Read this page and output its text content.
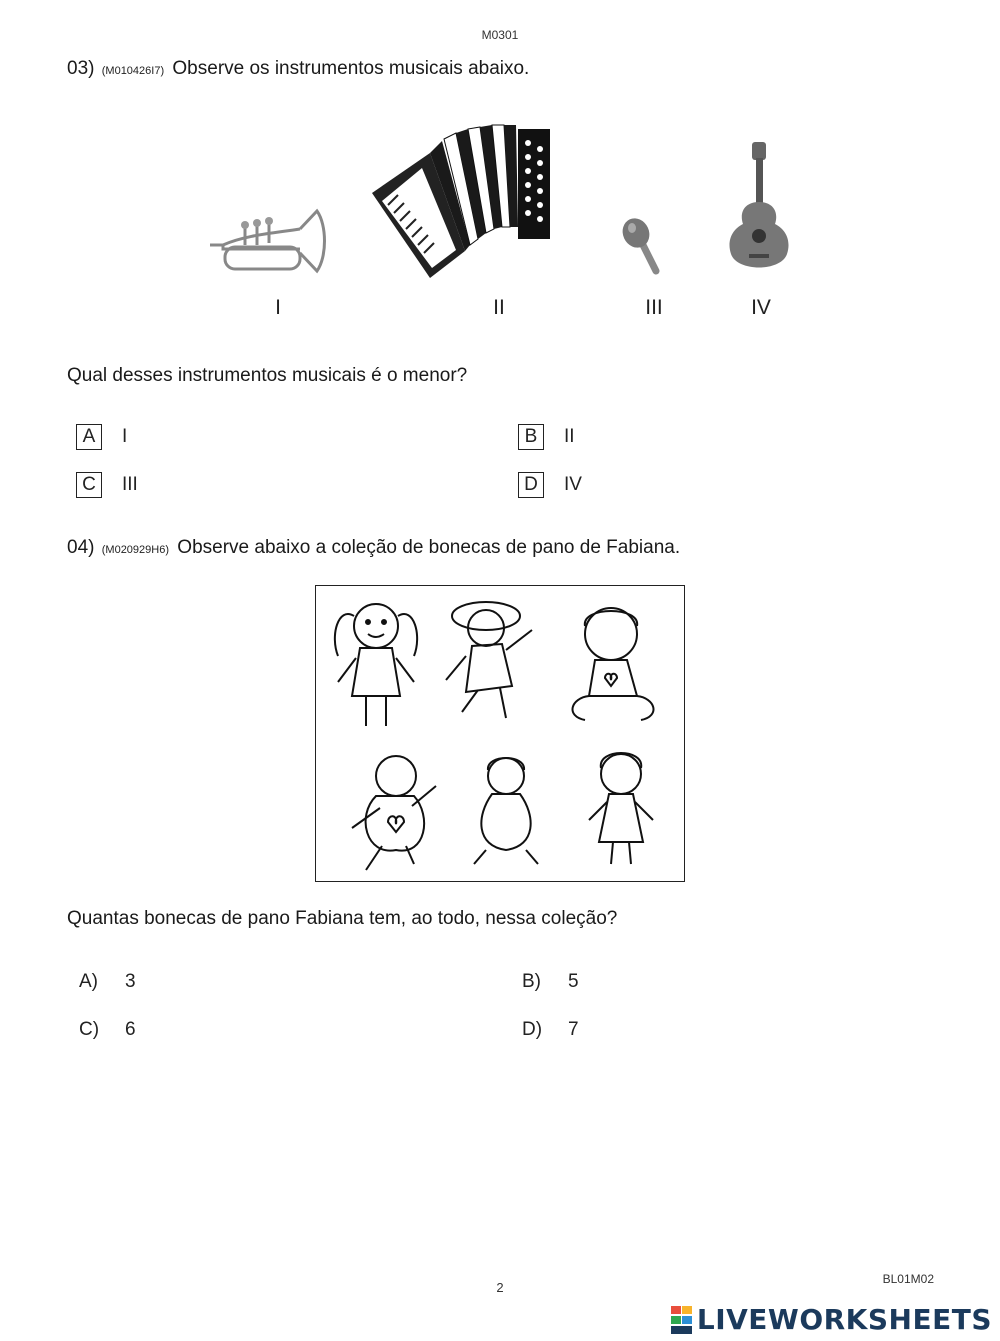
M0301
03) (M010426I7) Observe os instrumentos musicais abaixo.
I	II	III	IV
Qual desses instrumentos musicais é o menor?
A	I	B	II
C	III	D	IV
04) (M020929H6) Observe abaixo a coleção de bonecas de pano de Fabiana.
Quantas bonecas de pano Fabiana tem, ao todo, nessa coleção?
A)	3	B)	5
C)	6	D)	7
BL01M02
2
LIVEWORKSHEETS
